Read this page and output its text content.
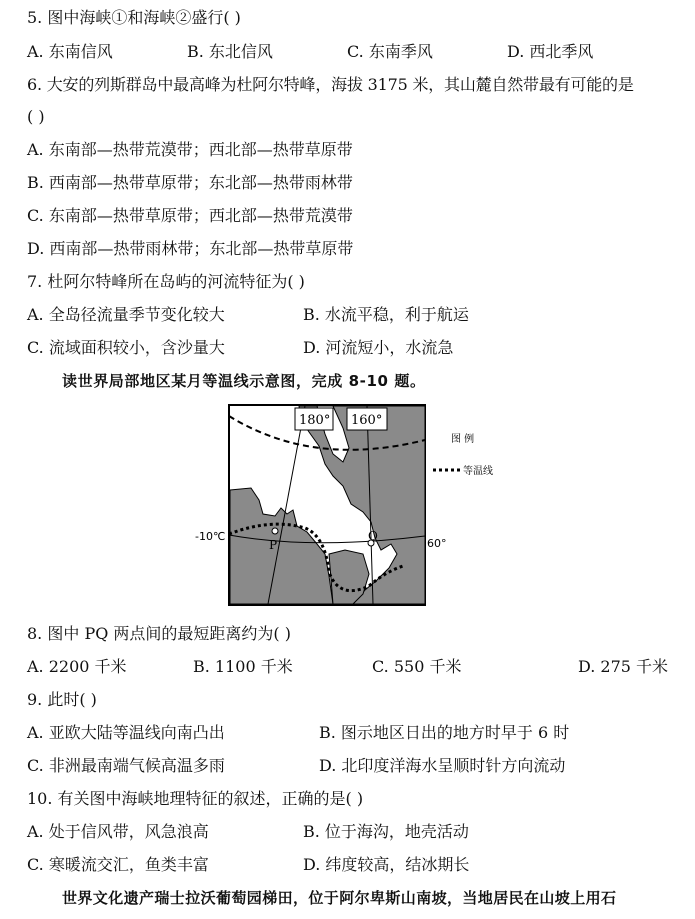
5. 图中海峡①和海峡②盛行( )
A. 东南信风	B. 东北信风	C. 东南季风	D. 西北季风
6. 大安的列斯群岛中最高峰为杜阿尔特峰，海拔 3175 米，其山麓自然带最有可能的是
( )
A. 东南部—热带荒漠带；西北部—热带草原带
B. 西南部—热带草原带；东北部—热带雨林带
C. 东南部—热带草原带；西北部—热带荒漠带
D. 西南部—热带雨林带；东北部—热带草原带
7. 杜阿尔特峰所在岛屿的河流特征为( )
A. 全岛径流量季节变化较大	B. 水流平稳，利于航运
C. 流域面积较小，含沙量大	D. 河流短小，水流急
读世界局部地区某月等温线示意图，完成 8-10 题。
180° 160°
P
Q
-10℃
60°
图 例
等温线
8. 图中 PQ 两点间的最短距离约为( )
A. 2200 千米	B. 1100 千米	C. 550 千米	D. 275 千米
9. 此时( )
A. 亚欧大陆等温线向南凸出	B. 图示地区日出的地方时早于 6 时
C. 非洲最南端气候高温多雨	D. 北印度洋海水呈顺时针方向流动
10. 有关图中海峡地理特征的叙述，正确的是( )
A. 处于信风带，风急浪高	B. 位于海沟，地壳活动
C. 寒暖流交汇，鱼类丰富	D. 纬度较高，结冰期长
世界文化遗产瑞士拉沃葡萄园梯田，位于阿尔卑斯山南坡，当地居民在山坡上用石
